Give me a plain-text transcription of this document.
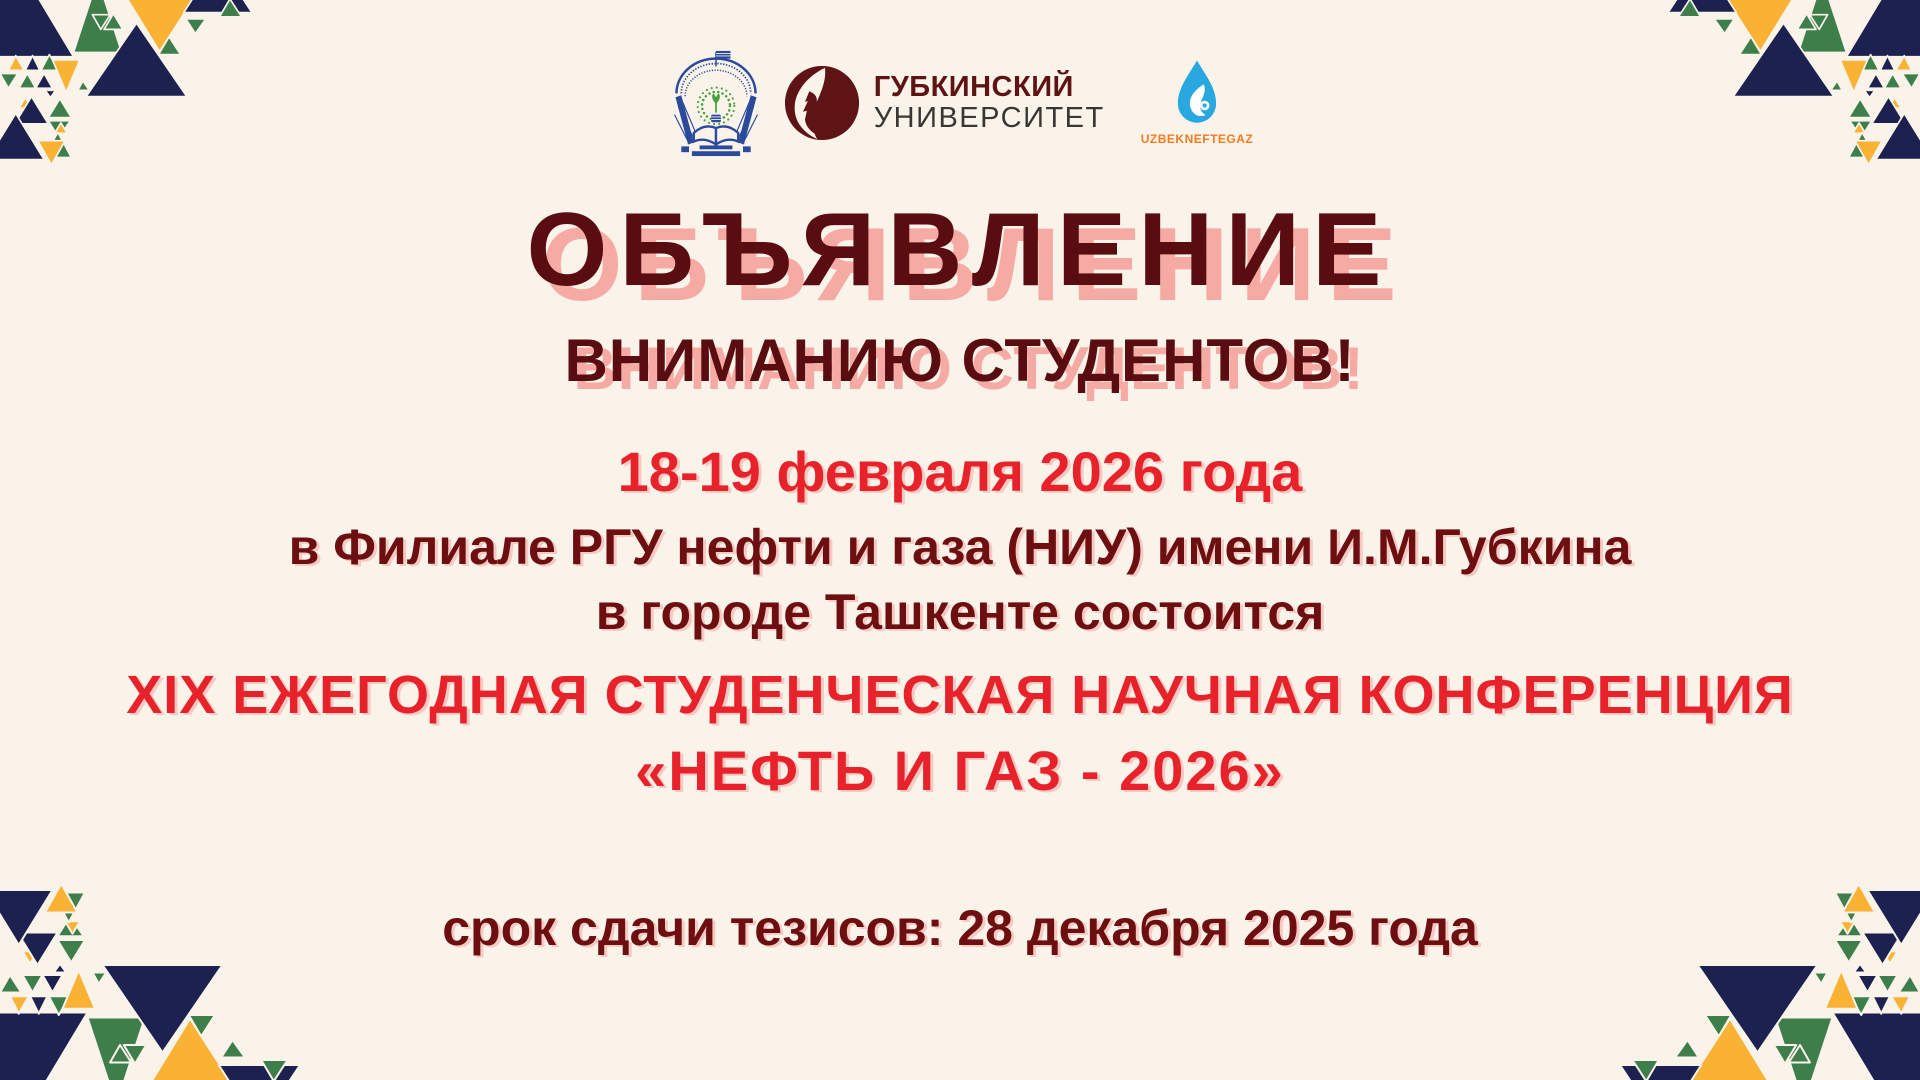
ГУБКИНСКИЙ
УНИВЕРСИТЕТ
UZBEKNEFTEGAZ
ОБЪЯВЛЕНИЕ
ВНИМАНИЮ СТУДЕНТОВ!
18-19 февраля 2026 года
в Филиале РГУ нефти и газа (НИУ) имени И.М.Губкина
в городе Ташкенте состоится
XIX ЕЖЕГОДНАЯ СТУДЕНЧЕСКАЯ НАУЧНАЯ КОНФЕРЕНЦИЯ
«НЕФТЬ И ГАЗ - 2026»
срок сдачи тезисов: 28 декабря 2025 года
